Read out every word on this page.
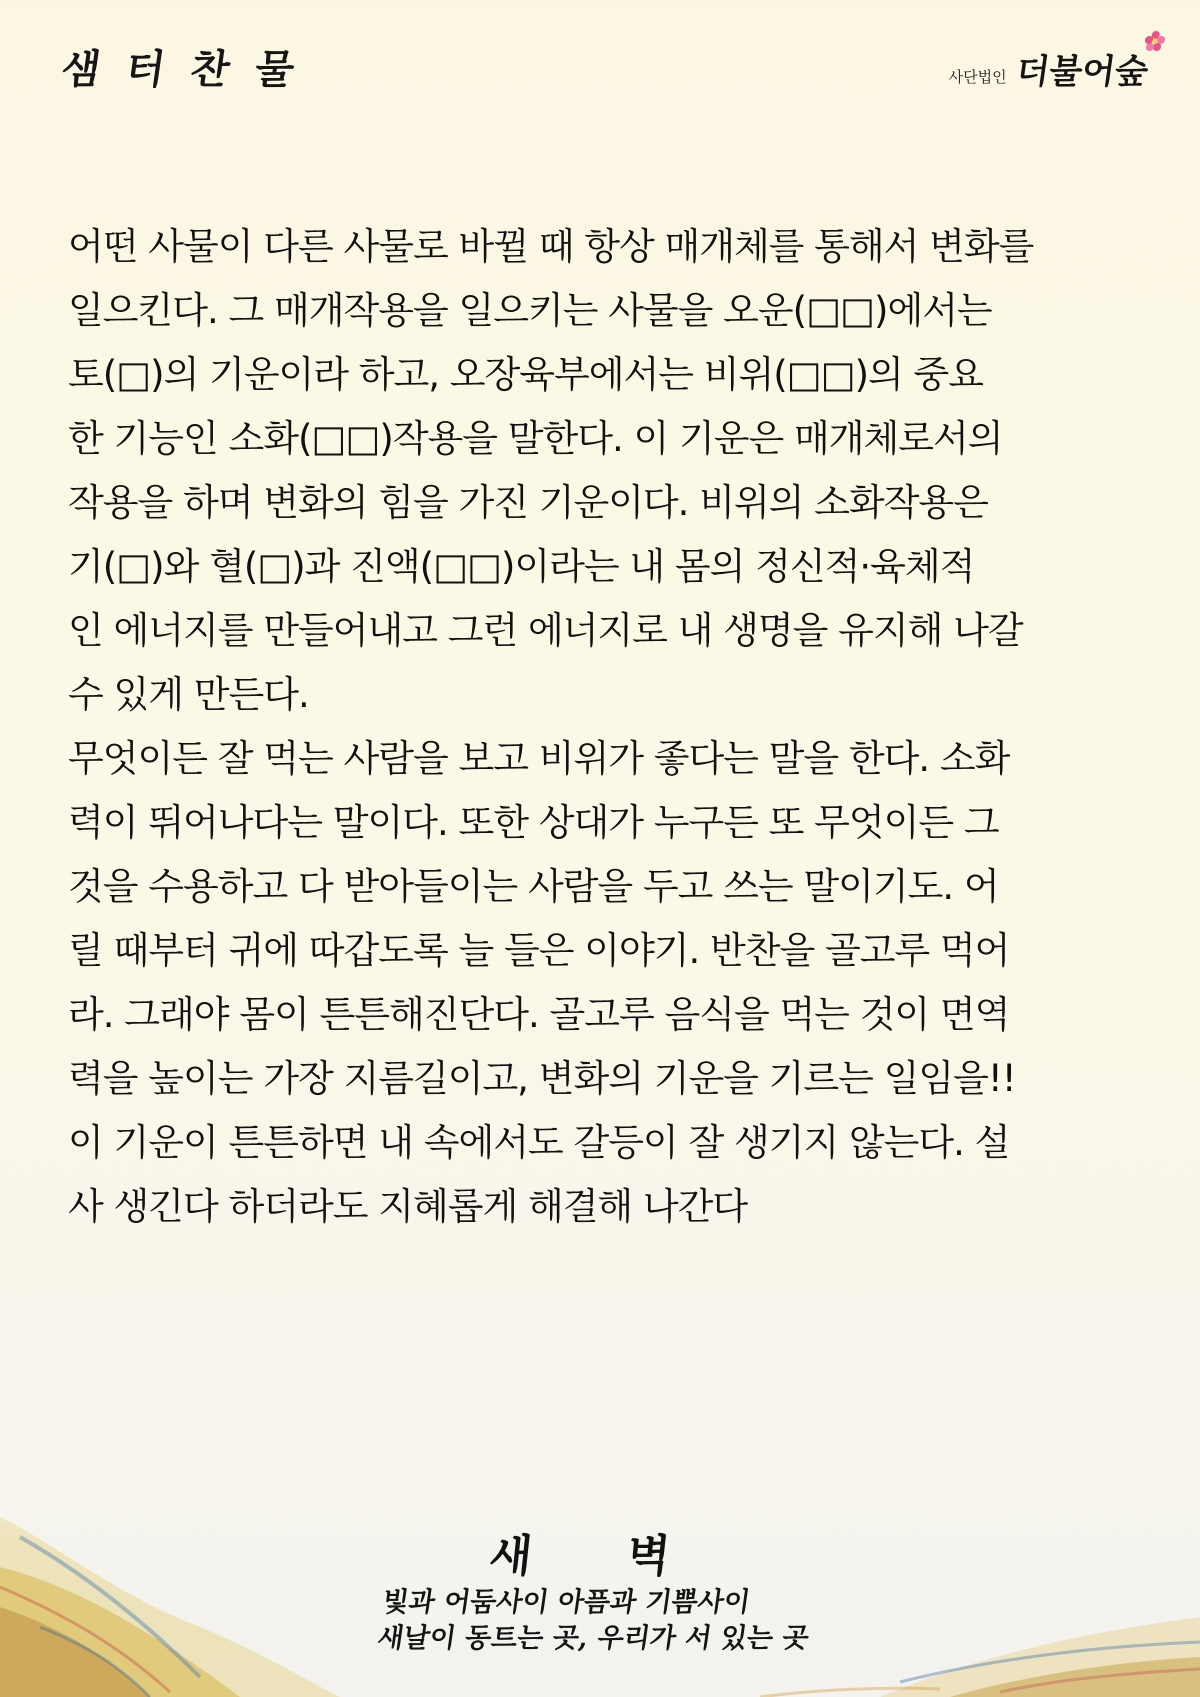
샘 터 찬 물	사단법인 더불어숲
어떤 사물이 다른 사물로 바뀔 때 항상 매개체를 통해서 변화를
일으킨다. 그 매개작용을 일으키는 사물을 오운(□□)에서는
토(□)의 기운이라 하고, 오장육부에서는 비위(□□)의 중요
한 기능인 소화(□□)작용을 말한다. 이 기운은 매개체로서의
작용을 하며 변화의 힘을 가진 기운이다. 비위의 소화작용은
기(□)와 혈(□)과 진액(□□)이라는 내 몸의 정신적·육체적
인 에너지를 만들어내고 그런 에너지로 내 생명을 유지해 나갈
수 있게 만든다.
무엇이든 잘 먹는 사람을 보고 비위가 좋다는 말을 한다. 소화
력이 뛰어나다는 말이다. 또한 상대가 누구든 또 무엇이든 그
것을 수용하고 다 받아들이는 사람을 두고 쓰는 말이기도. 어
릴 때부터 귀에 따갑도록 늘 들은 이야기. 반찬을 골고루 먹어
라. 그래야 몸이 튼튼해진단다. 골고루 음식을 먹는 것이 면역
력을 높이는 가장 지름길이고, 변화의 기운을 기르는 일임을!!
이 기운이 튼튼하면 내 속에서도 갈등이 잘 생기지 않는다. 설
사 생긴다 하더라도 지혜롭게 해결해 나간다
새 벽
빛과 어둠사이 아픔과 기쁨사이
새날이 동트는 곳, 우리가 서 있는 곳
